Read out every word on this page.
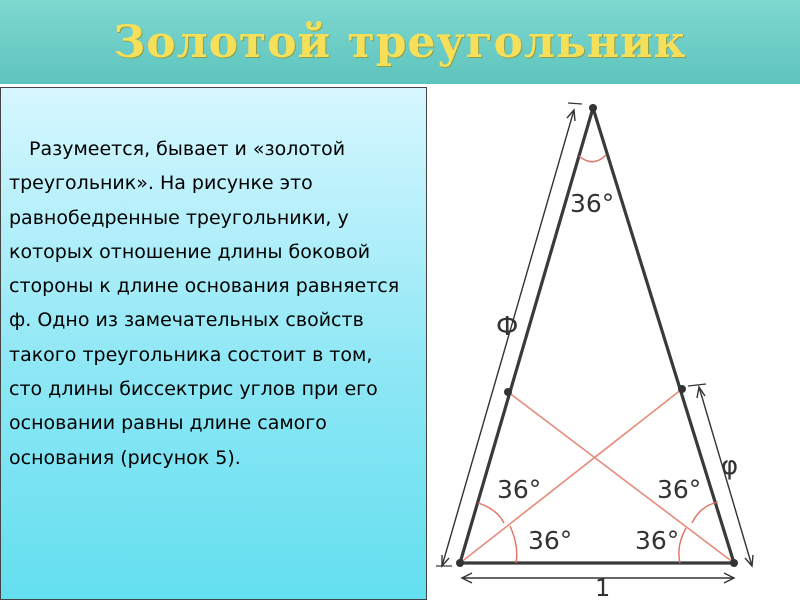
Золотой треугольник

Разумеется, бывает и «золотой треугольник». На рисунке это равнобедренные треугольники, у которых отношение длины боковой стороны к длине основания равняется ф. Одно из замечательных свойств такого треугольника состоит в том, сто длины биссектрис углов при его основании равны длине самого основания (рисунок 5).

36°
36°
36°
36°
36°
Ф
φ
1
